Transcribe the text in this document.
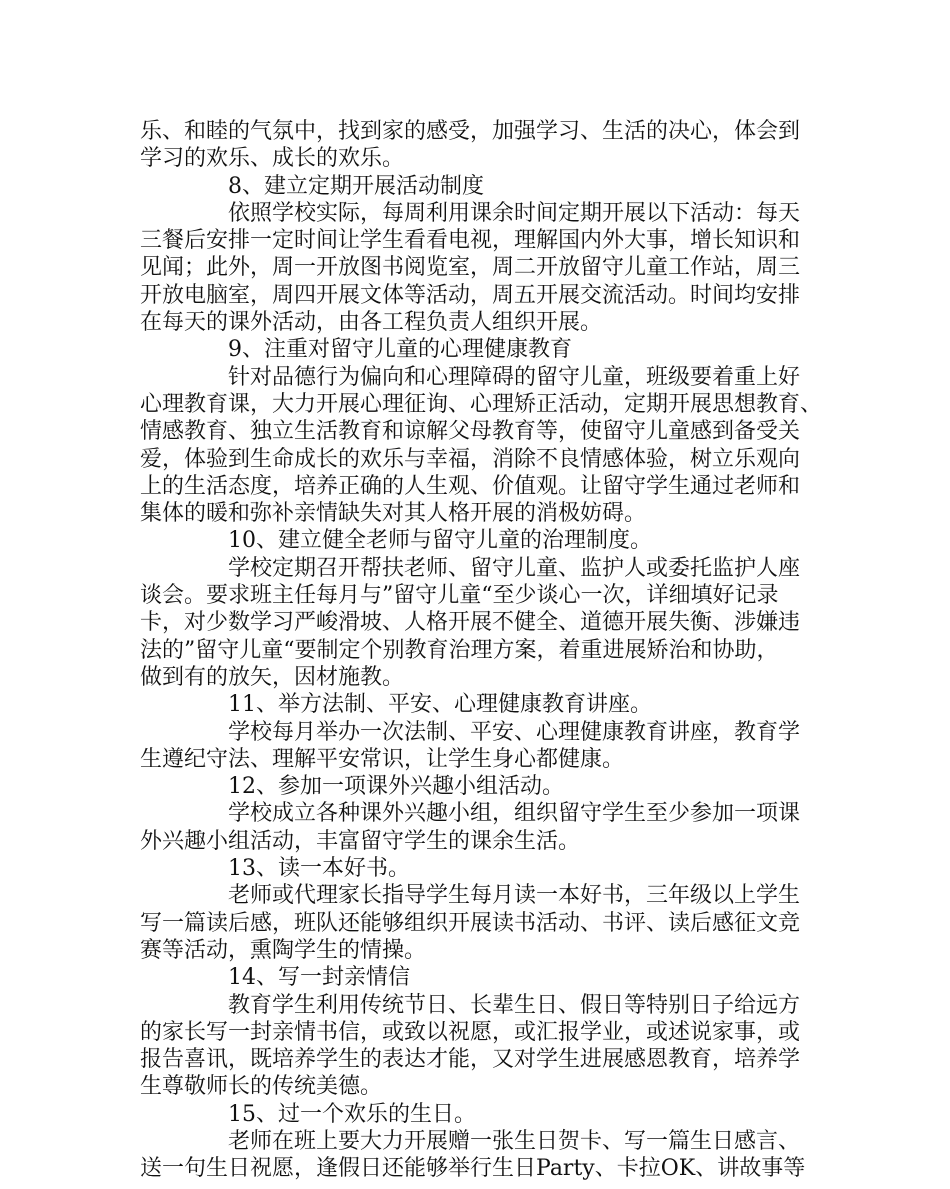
乐、和睦的气氛中，找到家的感受，加强学习、生活的决心，体会到
学习的欢乐、成长的欢乐。
8、建立定期开展活动制度
依照学校实际，每周利用课余时间定期开展以下活动：每天
三餐后安排一定时间让学生看看电视，理解国内外大事，增长知识和
见闻；此外，周一开放图书阅览室，周二开放留守儿童工作站，周三
开放电脑室，周四开展文体等活动，周五开展交流活动。时间均安排
在每天的课外活动，由各工程负责人组织开展。
9、注重对留守儿童的心理健康教育
针对品德行为偏向和心理障碍的留守儿童，班级要着重上好
心理教育课，大力开展心理征询、心理矫正活动，定期开展思想教育、
情感教育、独立生活教育和谅解父母教育等，使留守儿童感到备受关
爱，体验到生命成长的欢乐与幸福，消除不良情感体验，树立乐观向
上的生活态度，培养正确的人生观、价值观。让留守学生通过老师和
集体的暖和弥补亲情缺失对其人格开展的消极妨碍。
10、建立健全老师与留守儿童的治理制度。
学校定期召开帮扶老师、留守儿童、监护人或委托监护人座
谈会。要求班主任每月与”留守儿童“至少谈心一次，详细填好记录
卡，对少数学习严峻滑坡、人格开展不健全、道德开展失衡、涉嫌违
法的”留守儿童“要制定个别教育治理方案，着重进展矫治和协助，
做到有的放矢，因材施教。
11、举方法制、平安、心理健康教育讲座。
学校每月举办一次法制、平安、心理健康教育讲座，教育学
生遵纪守法、理解平安常识，让学生身心都健康。
12、参加一项课外兴趣小组活动。
学校成立各种课外兴趣小组，组织留守学生至少参加一项课
外兴趣小组活动，丰富留守学生的课余生活。
13、读一本好书。
老师或代理家长指导学生每月读一本好书，三年级以上学生
写一篇读后感，班队还能够组织开展读书活动、书评、读后感征文竞
赛等活动，熏陶学生的情操。
14、写一封亲情信
教育学生利用传统节日、长辈生日、假日等特别日子给远方
的家长写一封亲情书信，或致以祝愿，或汇报学业，或述说家事，或
报告喜讯，既培养学生的表达才能，又对学生进展感恩教育，培养学
生尊敬师长的传统美德。
15、过一个欢乐的生日。
老师在班上要大力开展赠一张生日贺卡、写一篇生日感言、
送一句生日祝愿，逢假日还能够举行生日Party、卡拉OK、讲故事等
